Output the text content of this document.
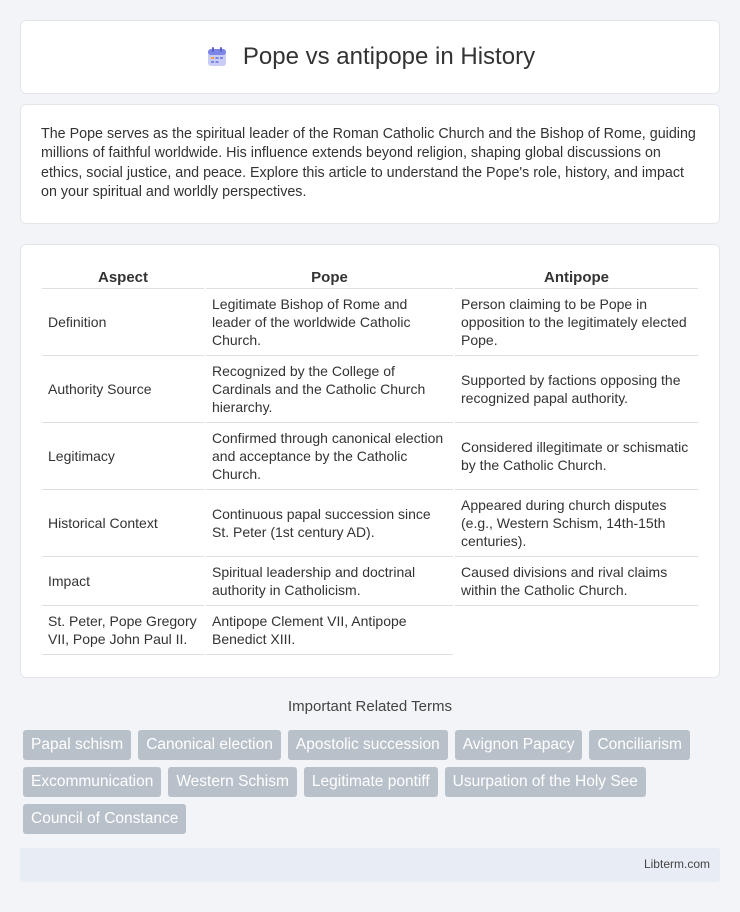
Pope vs antipope in History

The Pope serves as the spiritual leader of the Roman Catholic Church and the Bishop of Rome, guiding millions of faithful worldwide. His influence extends beyond religion, shaping global discussions on ethics, social justice, and peace. Explore this article to understand the Pope's role, history, and impact on your spiritual and worldly perspectives.

Aspect	Pope	Antipope
Definition	Legitimate Bishop of Rome and leader of the worldwide Catholic Church.	Person claiming to be Pope in opposition to the legitimately elected Pope.
Authority Source	Recognized by the College of Cardinals and the Catholic Church hierarchy.	Supported by factions opposing the recognized papal authority.
Legitimacy	Confirmed through canonical election and acceptance by the Catholic Church.	Considered illegitimate or schismatic by the Catholic Church.
Historical Context	Continuous papal succession since St. Peter (1st century AD).	Appeared during church disputes (e.g., Western Schism, 14th-15th centuries).
Impact	Spiritual leadership and doctrinal authority in Catholicism.	Caused divisions and rival claims within the Catholic Church.
St. Peter, Pope Gregory VII, Pope John Paul II.	Antipope Clement VII, Antipope Benedict XIII.	
Important Related Terms
Papal schism	Canonical election	Apostolic succession	Avignon Papacy	Conciliarism
Excommunication	Western Schism	Legitimate pontiff	Usurpation of the Holy See
Council of Constance
Libterm.com
